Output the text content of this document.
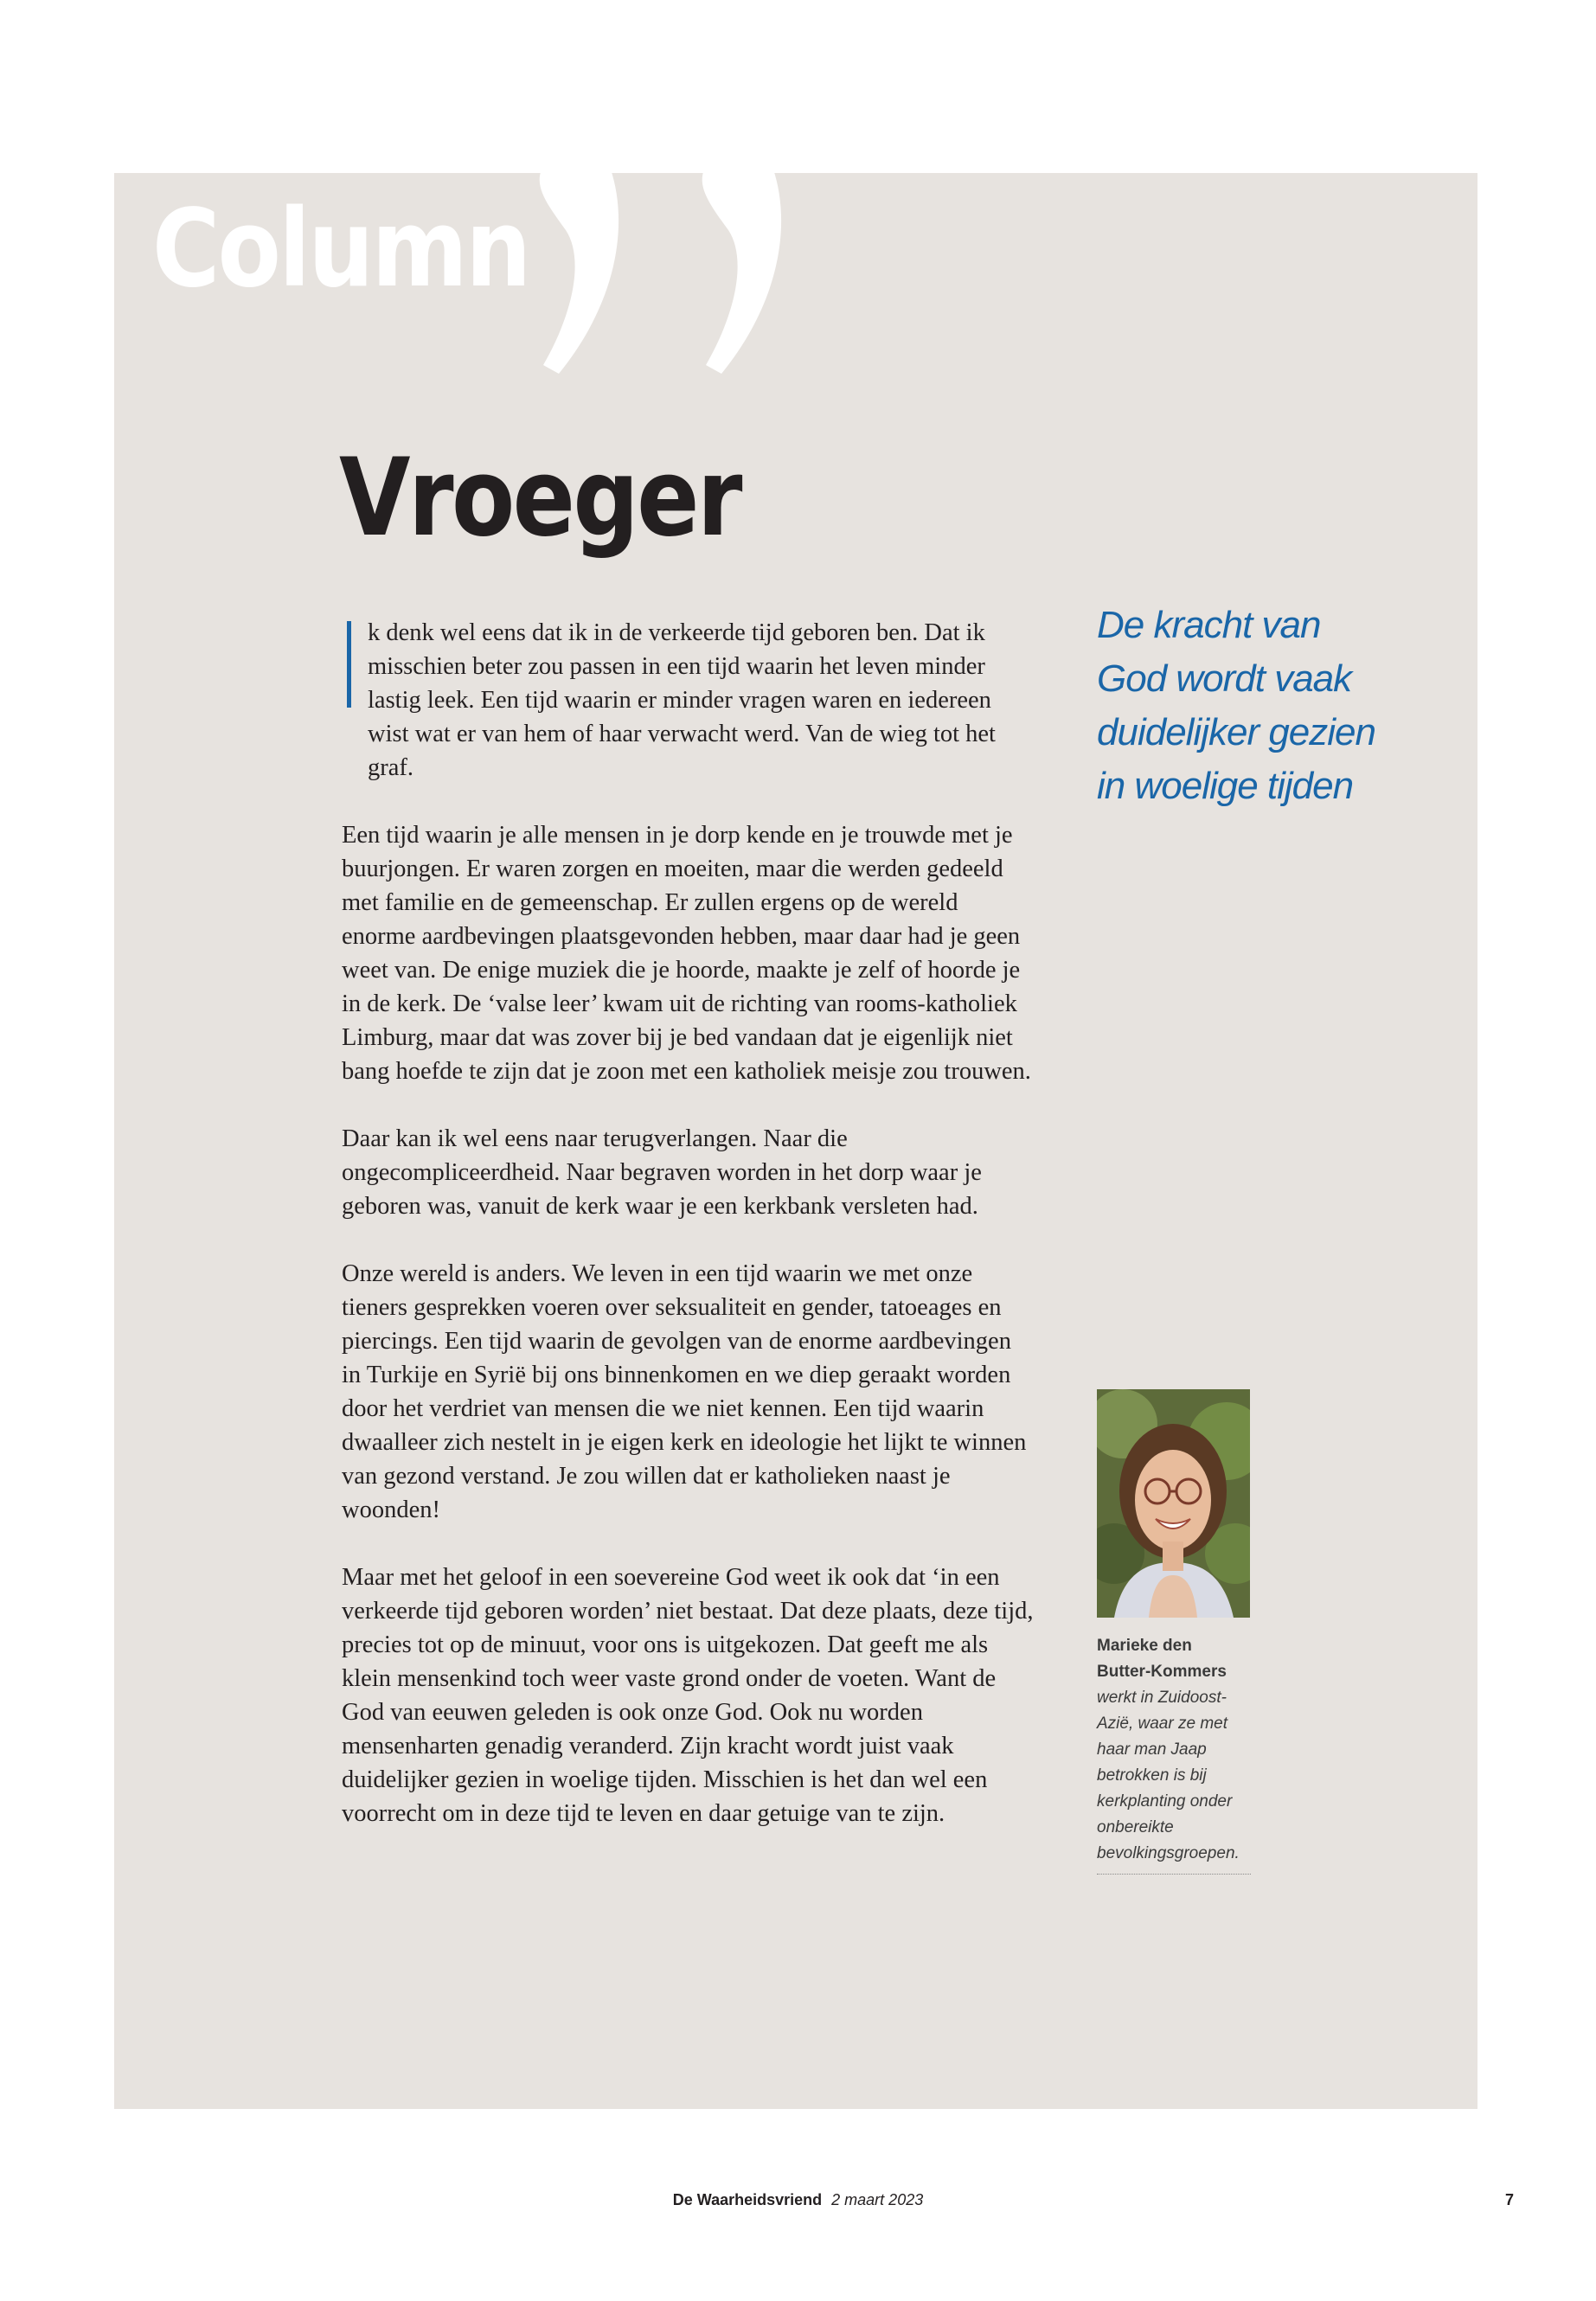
Column
Vroeger

k denk wel eens dat ik in de verkeerde tijd geboren ben. Dat ik misschien beter zou passen in een tijd waarin het leven minder lastig leek. Een tijd waarin er minder vragen waren en iedereen wist wat er van hem of haar verwacht werd. Van de wieg tot het graf.

Een tijd waarin je alle mensen in je dorp kende en je trouwde met je buurjongen. Er waren zorgen en moeiten, maar die werden gedeeld met familie en de gemeenschap. Er zullen ergens op de wereld enorme aardbevingen plaatsgevonden hebben, maar daar had je geen weet van. De enige muziek die je hoorde, maakte je zelf of hoorde je in de kerk. De ‘valse leer’ kwam uit de richting van rooms-katholiek Limburg, maar dat was zover bij je bed vandaan dat je eigenlijk niet bang hoefde te zijn dat je zoon met een katholiek meisje zou trouwen.

Daar kan ik wel eens naar terugverlangen. Naar die ongecompliceerdheid. Naar begraven worden in het dorp waar je geboren was, vanuit de kerk waar je een kerkbank versleten had.

Onze wereld is anders. We leven in een tijd waarin we met onze tieners gesprekken voeren over seksualiteit en gender, tatoeages en piercings. Een tijd waarin de gevolgen van de enorme aardbevingen in Turkije en Syrië bij ons binnenkomen en we diep geraakt worden door het verdriet van mensen die we niet kennen. Een tijd waarin dwaalleer zich nestelt in je eigen kerk en ideologie het lijkt te winnen van gezond verstand. Je zou willen dat er katholieken naast je woonden!

Maar met het geloof in een soevereine God weet ik ook dat ‘in een verkeerde tijd geboren worden’ niet bestaat. Dat deze plaats, deze tijd, precies tot op de minuut, voor ons is uitgekozen. Dat geeft me als klein mensenkind toch weer vaste grond onder de voeten. Want de God van eeuwen geleden is ook onze God. Ook nu worden mensenharten genadig veranderd. Zijn kracht wordt juist vaak duidelijker gezien in woelige tijden. Misschien is het dan wel een voorrecht om in deze tijd te leven en daar getuige van te zijn.

De kracht van God wordt vaak duidelijker gezien in woelige tijden

Marieke den
Butter-Kommers
werkt in Zuidoost-Azië, waar ze met haar man Jaap betrokken is bij kerkplanting onder onbereikte bevolkingsgroepen.
De Waarheidsvriend 2 maart 2023	7
